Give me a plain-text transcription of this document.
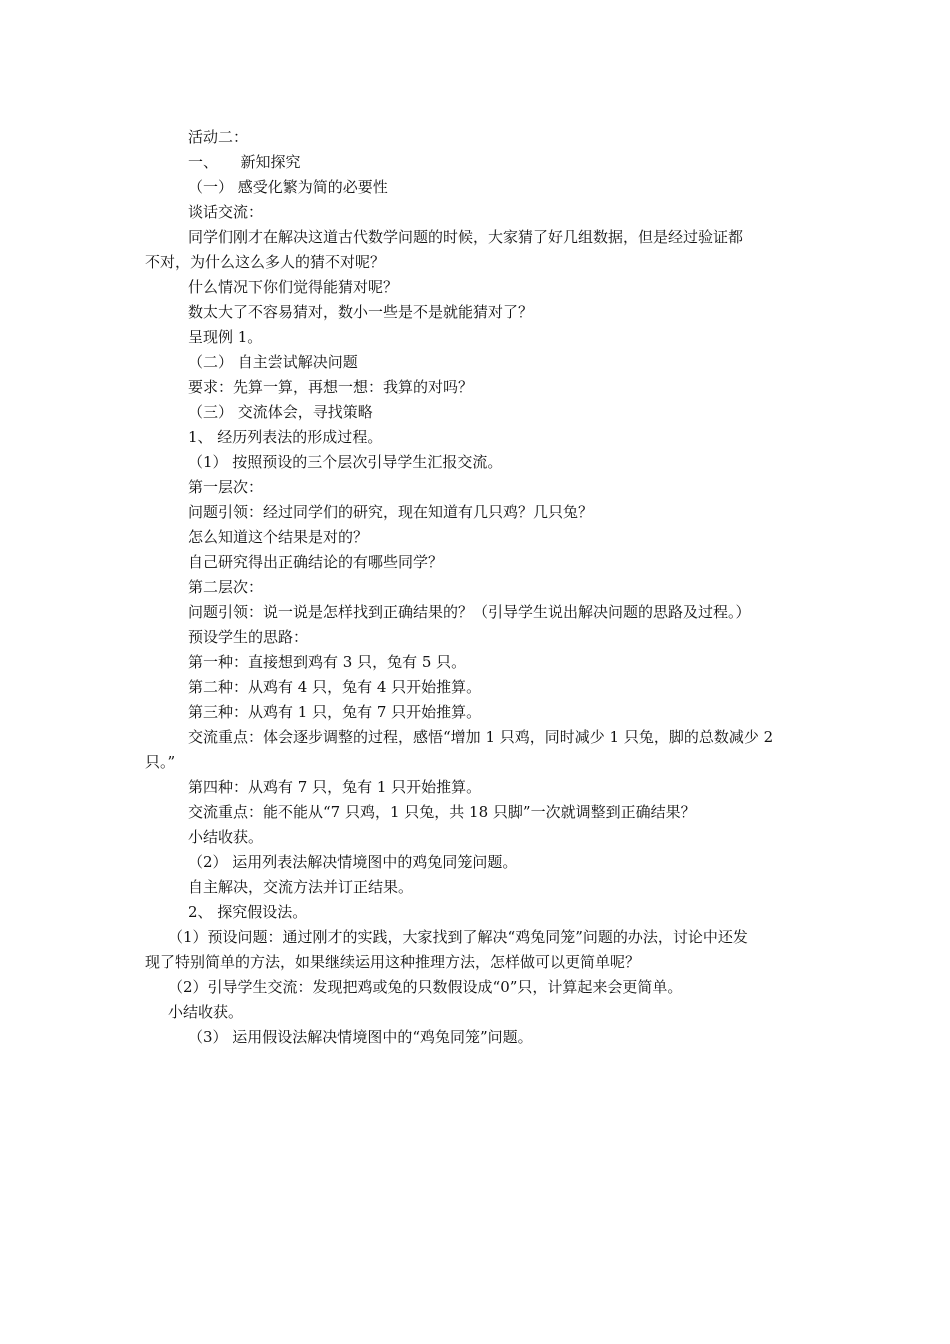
活动二：
一、　　新知探究
（一） 感受化繁为简的必要性
谈话交流：
同学们刚才在解决这道古代数学问题的时候，大家猜了好几组数据，但是经过验证都
不对，为什么这么多人的猜不对呢？
什么情况下你们觉得能猜对呢？
数太大了不容易猜对，数小一些是不是就能猜对了？
呈现例 1。
（二） 自主尝试解决问题
要求：先算一算，再想一想：我算的对吗？
（三） 交流体会，寻找策略
1、 经历列表法的形成过程。
（1） 按照预设的三个层次引导学生汇报交流。
第一层次：
问题引领：经过同学们的研究，现在知道有几只鸡？几只兔？
怎么知道这个结果是对的？
自己研究得出正确结论的有哪些同学？
第二层次：
问题引领：说一说是怎样找到正确结果的？（引导学生说出解决问题的思路及过程。）
预设学生的思路：
第一种：直接想到鸡有 3 只，兔有 5 只。
第二种：从鸡有 4 只，兔有 4 只开始推算。
第三种：从鸡有 1 只，兔有 7 只开始推算。
交流重点：体会逐步调整的过程，感悟“增加 1 只鸡，同时减少 1 只兔，脚的总数减少 2
只。”
第四种：从鸡有 7 只，兔有 1 只开始推算。
交流重点：能不能从“7 只鸡，1 只兔，共 18 只脚”一次就调整到正确结果？
小结收获。
（2） 运用列表法解决情境图中的鸡兔同笼问题。
自主解决，交流方法并订正结果。
2、 探究假设法。
（1）预设问题：通过刚才的实践，大家找到了解决“鸡兔同笼”问题的办法，讨论中还发
现了特别简单的方法，如果继续运用这种推理方法，怎样做可以更简单呢？
（2）引导学生交流：发现把鸡或兔的只数假设成“0”只，计算起来会更简单。
小结收获。
（3） 运用假设法解决情境图中的“鸡兔同笼”问题。
